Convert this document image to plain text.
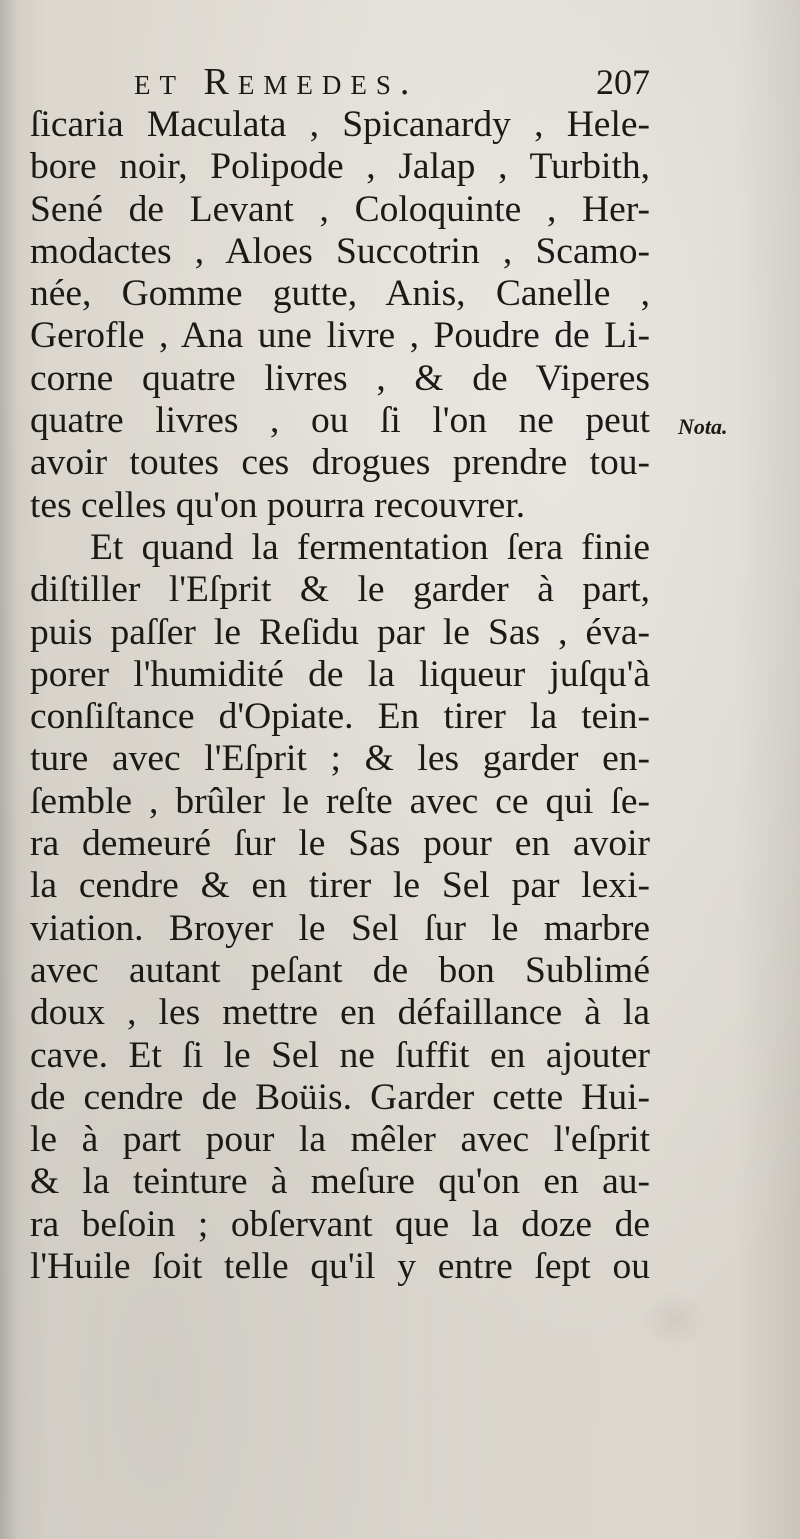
et Remedes.	207
ſicaria Maculata , Spicanardy , Hele-
bore noir, Polipode , Jalap , Turbith,
Sené de Levant , Coloquinte , Her-
modactes , Aloes Succotrin , Scamo-
née, Gomme gutte, Anis, Canelle ,
Gerofle , Ana une livre , Poudre de Li-
corne quatre livres , & de Viperes
quatre livres , ou ſi l'on ne peut
avoir toutes ces drogues prendre tou-
tes celles qu'on pourra recouvrer.
Et quand la fermentation ſera finie
diſtiller l'Eſprit & le garder à part,
puis paſſer le Reſidu par le Sas , éva-
porer l'humidité de la liqueur juſqu'à
conſiſtance d'Opiate. En tirer la tein-
ture avec l'Eſprit ; & les garder en-
ſemble , brûler le reſte avec ce qui ſe-
ra demeuré ſur le Sas pour en avoir
la cendre & en tirer le Sel par lexi-
viation. Broyer le Sel ſur le marbre
avec autant peſant de bon Sublimé
doux , les mettre en défaillance à la
cave. Et ſi le Sel ne ſuffit en ajouter
de cendre de Boüis. Garder cette Hui-
le à part pour la mêler avec l'eſprit
& la teinture à meſure qu'on en au-
ra beſoin ; obſervant que la doze de
l'Huile ſoit telle qu'il y entre ſept ou
Nota.
